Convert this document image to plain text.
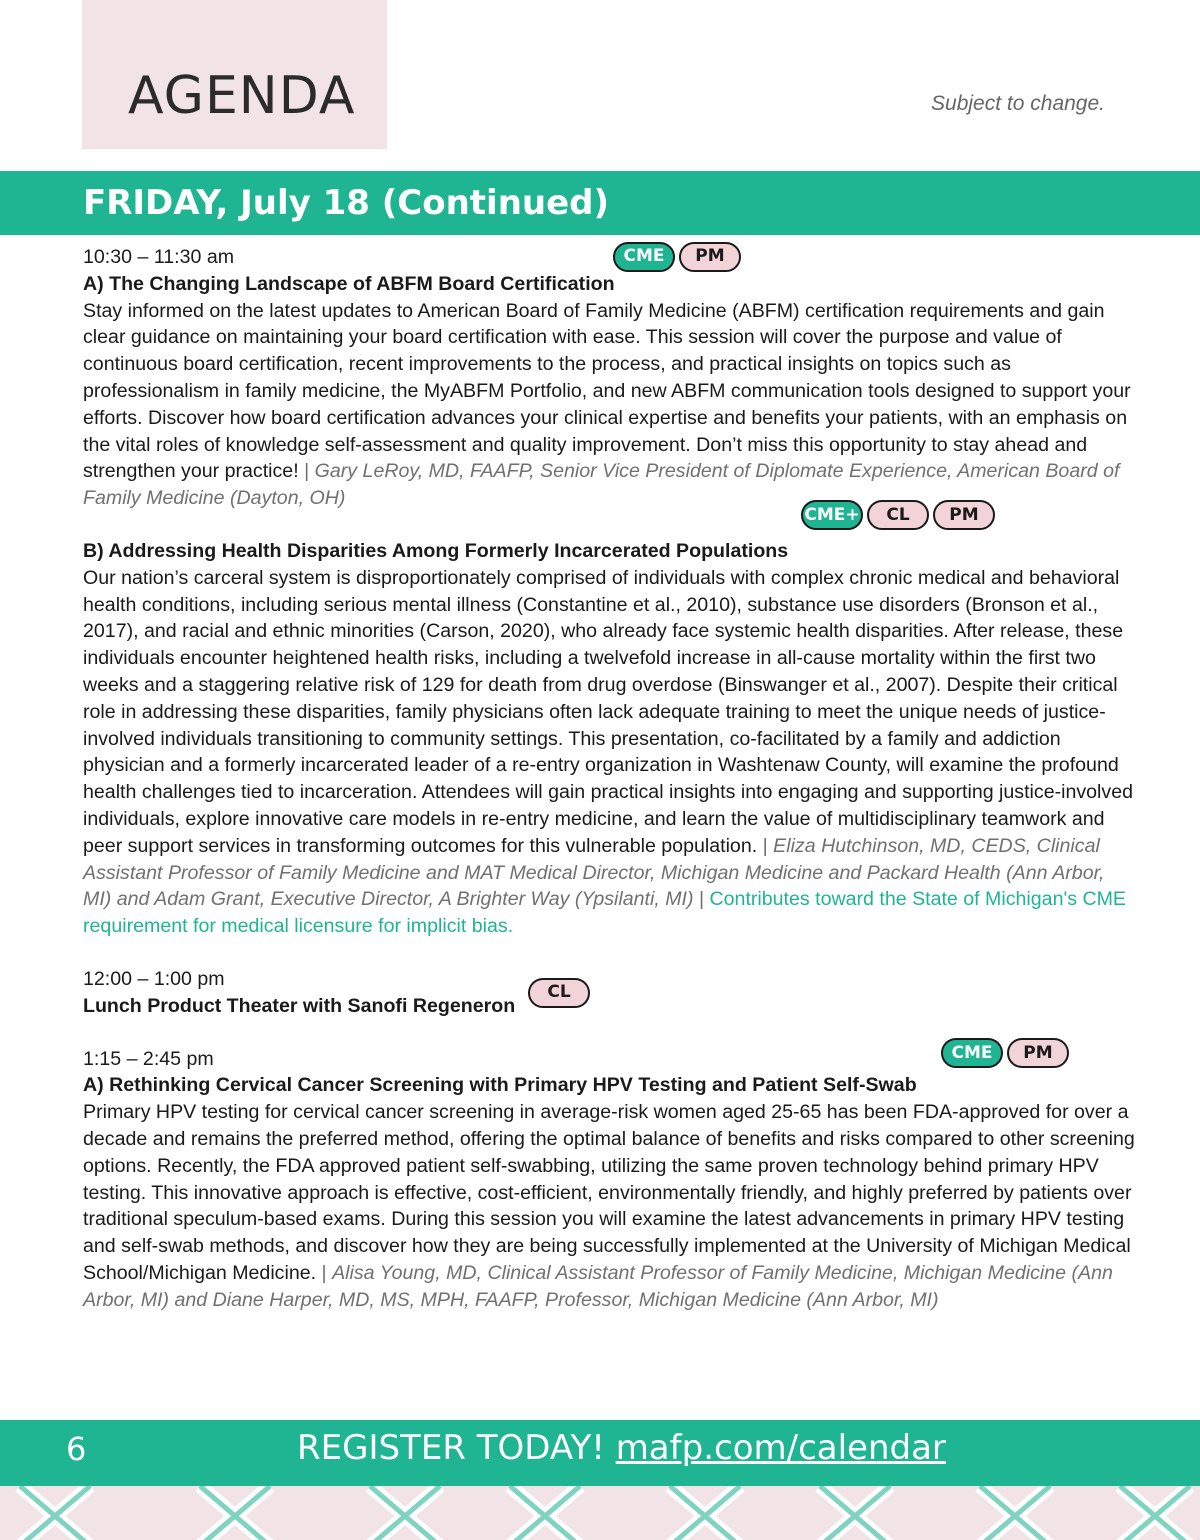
AGENDA	Subject to change.
FRIDAY, July 18 (Continued)

10:30 – 11:30 am

A) The Changing Landscape of ABFM Board Certification
CME	PM

Stay informed on the latest updates to American Board of Family Medicine (ABFM) certification requirements and gain clear guidance on maintaining your board certification with ease. This session will cover the purpose and value of continuous board certification, recent improvements to the process, and practical insights on topics such as professionalism in family medicine, the MyABFM Portfolio, and new ABFM communication tools designed to support your efforts. Discover how board certification advances your clinical expertise and benefits your patients, with an emphasis on the vital roles of knowledge self-assessment and quality improvement. Don’t miss this opportunity to stay ahead and strengthen your practice! | Gary LeRoy, MD, FAAFP, Senior Vice President of Diplomate Experience, American Board of Family Medicine (Dayton, OH)

B) Addressing Health Disparities Among Formerly Incarcerated Populations
CME+	CL	PM

Our nation’s carceral system is disproportionately comprised of individuals with complex chronic medical and behavioral health conditions, including serious mental illness (Constantine et al., 2010), substance use disorders (Bronson et al., 2017), and racial and ethnic minorities (Carson, 2020), who already face systemic health disparities. After release, these individuals encounter heightened health risks, including a twelvefold increase in all-cause mortality within the first two weeks and a staggering relative risk of 129 for death from drug overdose (Binswanger et al., 2007). Despite their critical role in addressing these disparities, family physicians often lack adequate training to meet the unique needs of justice-involved individuals transitioning to community settings. This presentation, co-facilitated by a family and addiction physician and a formerly incarcerated leader of a re-entry organization in Washtenaw County, will examine the profound health challenges tied to incarceration. Attendees will gain practical insights into engaging and supporting justice-involved individuals, explore innovative care models in re-entry medicine, and learn the value of multidisciplinary teamwork and peer support services in transforming outcomes for this vulnerable population. | Eliza Hutchinson, MD, CEDS, Clinical Assistant Professor of Family Medicine and MAT Medical Director, Michigan Medicine and Packard Health (Ann Arbor, MI) and Adam Grant, Executive Director, A Brighter Way (Ypsilanti, MI) | Contributes toward the State of Michigan's CME requirement for medical licensure for implicit bias.

12:00 – 1:00 pm

Lunch Product Theater with Sanofi Regeneron
CL

1:15 – 2:45 pm

A) Rethinking Cervical Cancer Screening with Primary HPV Testing and Patient Self-Swab
CME	PM

Primary HPV testing for cervical cancer screening in average-risk women aged 25-65 has been FDA-approved for over a decade and remains the preferred method, offering the optimal balance of benefits and risks compared to other screening options. Recently, the FDA approved patient self-swabbing, utilizing the same proven technology behind primary HPV testing. This innovative approach is effective, cost-efficient, environmentally friendly, and highly preferred by patients over traditional speculum-based exams. During this session you will examine the latest advancements in primary HPV testing and self-swab methods, and discover how they are being successfully implemented at the University of Michigan Medical School/Michigan Medicine. | Alisa Young, MD, Clinical Assistant Professor of Family Medicine, Michigan Medicine (Ann Arbor, MI) and Diane Harper, MD, MS, MPH, FAAFP, Professor, Michigan Medicine (Ann Arbor, MI)

6	REGISTER TODAY! mafp.com/calendar
